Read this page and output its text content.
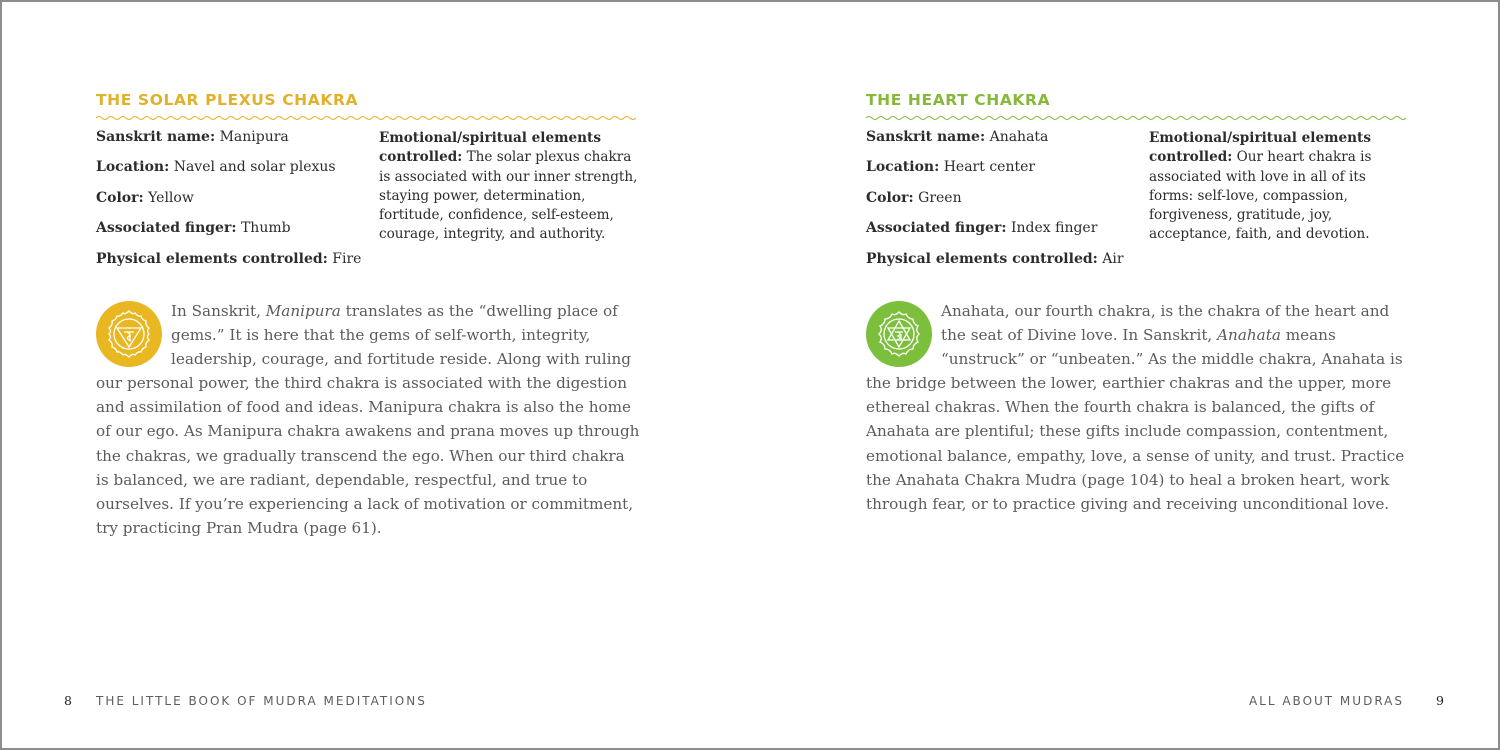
THE SOLAR PLEXUS CHAKRA
Sanskrit name: Manipura
Location: Navel and solar plexus
Color: Yellow
Associated finger: Thumb
Physical elements controlled: Fire
Emotional/spiritual elements controlled: The solar plexus chakra is associated with our inner strength, staying power, determination, fortitude, confidence, self-esteem, courage, integrity, and authority.

In Sanskrit, Manipura translates as the “dwelling place of gems.” It is here that the gems of self-worth, integrity, leadership, courage, and fortitude reside. Along with ruling our personal power, the third chakra is associated with the digestion and assimilation of food and ideas. Manipura chakra is also the home of our ego. As Manipura chakra awakens and prana moves up through the chakras, we gradually transcend the ego. When our third chakra is balanced, we are radiant, dependable, respectful, and true to ourselves. If you’re experiencing a lack of motivation or commitment, try practicing Pran Mudra (page 61).

8 THE LITTLE BOOK OF MUDRA MEDITATIONS
THE HEART CHAKRA
Sanskrit name: Anahata
Location: Heart center
Color: Green
Associated finger: Index finger
Physical elements controlled: Air
Emotional/spiritual elements controlled: Our heart chakra is associated with love in all of its forms: self-love, compassion, forgiveness, gratitude, joy, acceptance, faith, and devotion.

Anahata, our fourth chakra, is the chakra of the heart and the seat of Divine love. In Sanskrit, Anahata means “unstruck” or “unbeaten.” As the middle chakra, Anahata is the bridge between the lower, earthier chakras and the upper, more ethereal chakras. When the fourth chakra is balanced, the gifts of Anahata are plentiful; these gifts include compassion, contentment, emotional balance, empathy, love, a sense of unity, and trust. Practice the Anahata Chakra Mudra (page 104) to heal a broken heart, work through fear, or to practice giving and receiving unconditional love.

ALL ABOUT MUDRAS	9
